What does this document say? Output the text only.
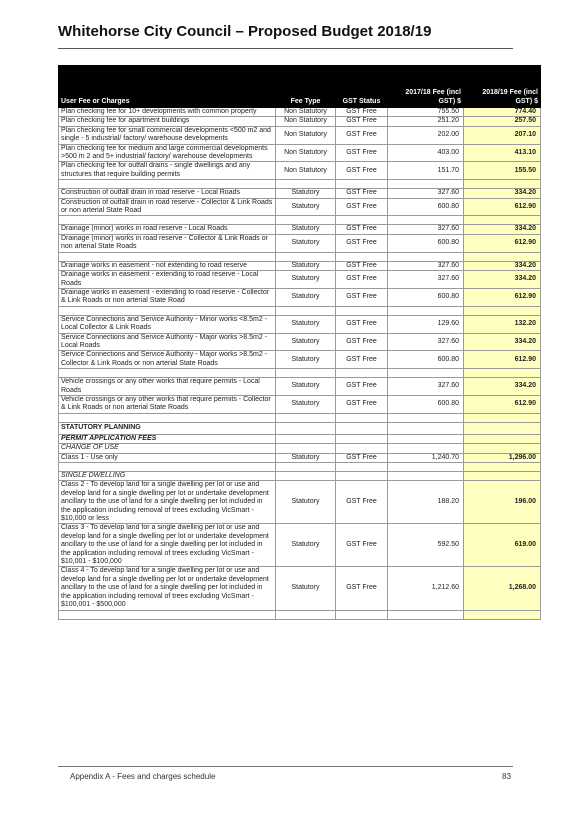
Whitehorse City Council – Proposed Budget 2018/19
User Fee or Charges	Fee Type	GST Status	2017/18 Fee (incl GST) $	2018/19 Fee (incl GST) $
Plan checking fee for 10+ developments with common property	Non Statutory	GST Free	755.50	774.40
Plan checking fee for apartment buildings	Non Statutory	GST Free	251.20	257.50
Plan checking fee for small commercial developments <500 m2 and single - 5 industrial/ factory/ warehouse developments	Non Statutory	GST Free	202.00	207.10
Plan checking fee for medium and large commercial developments >500 m 2 and 5+ industrial/ factory/ warehouse developments	Non Statutory	GST Free	403.00	413.10
Plan checking fee for outfall drains - single dwellings and any structures that require building permits	Non Statutory	GST Free	151.70	155.50

Construction of outfall drain in road reserve - Local Roads	Statutory	GST Free	327.60	334.20
Construction of outfall drain in road reserve - Collector & Link Roads or non arterial State Road	Statutory	GST Free	600.80	612.90

Drainage (minor) works in road reserve - Local Roads	Statutory	GST Free	327.60	334.20
Drainage (minor) works in road reserve - Collector & Link Roads or non arterial State Roads	Statutory	GST Free	600.80	612.90

Drainage works in easement - not extending to road reserve	Statutory	GST Free	327.60	334.20
Drainage works in easement - extending to road reserve - Local Roads	Statutory	GST Free	327.60	334.20
Drainage works in easement - extending to road reserve - Collector & Link Roads or non arterial State Road	Statutory	GST Free	600.80	612.90

Service Connections and Service Authority - Minor works <8.5m2 - Local Collector & Link Roads	Statutory	GST Free	129.60	132.20
Service Connections and Service Authority - Major works >8.5m2 - Local Roads	Statutory	GST Free	327.60	334.20
Service Connections and Service Authority - Major works >8.5m2 - Collector & Link Roads or non arterial State Roads	Statutory	GST Free	600.80	612.90

Vehicle crossings or any other works that require permits - Local Roads	Statutory	GST Free	327.60	334.20
Vehicle crossings or any other works that require permits - Collector & Link Roads or non arterial State Roads	Statutory	GST Free	600.80	612.90

STATUTORY PLANNING				
PERMIT APPLICATION FEES				
CHANGE OF USE				
Class 1 - Use only	Statutory	GST Free	1,240.70	1,296.00

SINGLE DWELLING				
Class 2 - To develop land for a single dwelling per lot or use and develop land for a single dwelling per lot or undertake development ancillary to the use of land for a single dwelling per lot included in the application including removal of trees excluding VicSmart - $10,000 or less	Statutory	GST Free	188.20	196.00
Class 3 - To develop land for a single dwelling per lot or use and develop land for a single dwelling per lot or undertake development ancillary to the use of land for a single dwelling per lot included in the application including removal of trees excluding VicSmart - $10,001 - $100,000	Statutory	GST Free	592.50	619.00
Class 4 - To develop land for a single dwelling per lot or use and develop land for a single dwelling per lot or undertake development ancillary to the use of land for a single dwelling per lot included in the application including removal of trees excluding VicSmart - $100,001 - $500,000	Statutory	GST Free	1,212.60	1,268.00

Appendix A - Fees and charges schedule	83
